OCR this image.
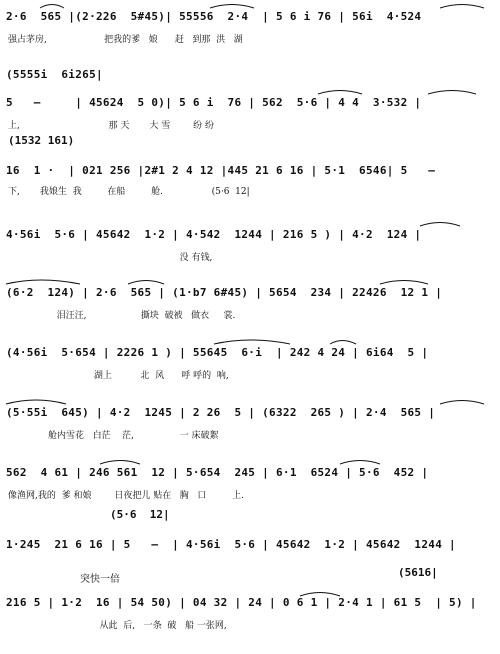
2·6  565 |(2·226  5#45)| 55556  2·4  | 5 6 i 76 | 56i  4·524
强占茅房,                    把我的爹   娘      赶   到那  洪   湖
(5555i  6i265|
5   –     | 45624  5 0)| 5 6 i  76 | 562  5·6 | 4 4  3·532 |
上,                               那 天       大 雪        纷 纷
(1532 161)
16  1 ·  | 021 256 |2#1 2 4 12 |445 21 6 16 | 5·1  6546| 5   –
下,       我娘生  我         在船         舱.                 (5·6  12|
4·56i  5·6 | 45642  1·2 | 4·542  1244 | 216 5 ) | 4·2  124 |
没 有钱,
(6·2  124) | 2·6  565 | (1·b7 6#45) | 5654  234 | 22426  12 1 |
泪汪汪,                   撕块  破被   做衣     裳.
(4·56i  5·654 | 2226 1 ) | 55645  6·i  | 242 4 24 | 6i64  5 |
湖上          北  风      呼 呼的  响,
(5·55i  645) | 4·2  1245 | 2 26  5 | (6322  265 ) | 2·4  565 |
舱内雪花   白茫    茫,                一 床破絮
562  4 61 | 246 561  12 | 5·654  245 | 6·1  6524 | 5·6  452 |
像渔网,我的  爹 和娘        日夜把儿 贴在   胸   口         上.
(5·6  12|
1·245  21 6 16 | 5   –  | 4·56i  5·6 | 45642  1·2 | 45642  1244 |
突快一倍
(5616|
216 5 | 1·2  16 | 54 50) | 04 32 | 24 | 0 6 1 | 2·4 1 | 61 5  | 5) |
从此  后,   一条  破   船 一张网,
